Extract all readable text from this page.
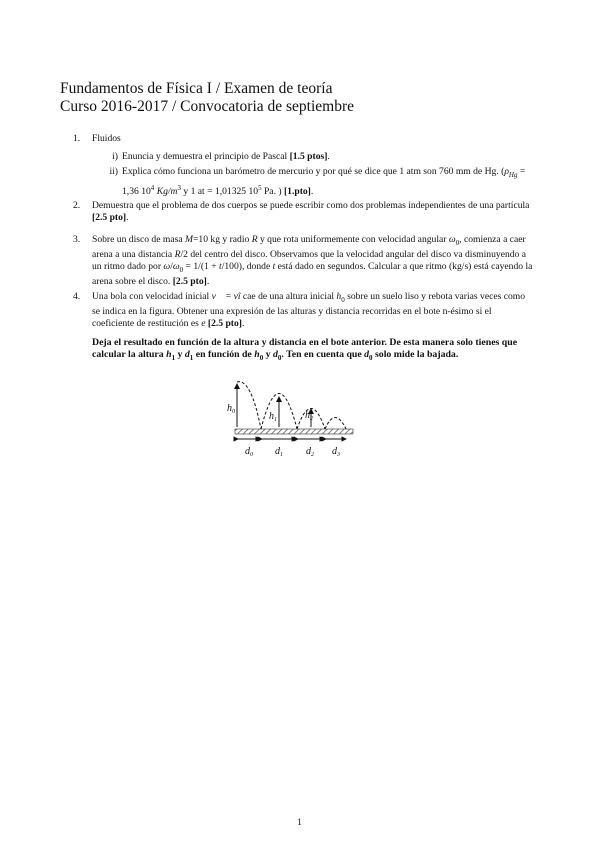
Fundamentos de Física I / Examen de teoría
Curso 2016-2017 / Convocatoria de septiembre
1. Fluidos
i) Enuncia y demuestra el principio de Pascal [1.5 ptos].
ii) Explica cómo funciona un barómetro de mercurio y por qué se dice que 1 atm son 760 mm de Hg. ($\rho_{Hg} = 1,36$ $10^4$ $Kg/m^3$ y 1 at = 1,01325 $10^5$ Pa. ) [1.pto].
2. Demuestra que el problema de dos cuerpos se puede escribir como dos problemas independientes de una partícula [2.5 pto].
3. Sobre un disco de masa M=10 kg y radio R y que rota uniformemente con velocidad angular $\omega_0$, comienza a caer arena a una distancia R/2 del centro del disco. Observamos que la velocidad angular del disco va disminuyendo a un ritmo dado por $\omega/\omega_0 = 1/(1 + t/100)$, donde t está dado en segundos. Calcular a que ritmo (kg/s) está cayendo la arena sobre el disco. [2.5 pto].
4. Una bola con velocidad inicial v⃗ = vî cae de una altura inicial $h_0$ sobre un suelo liso y rebota varias veces como se indica en la figura. Obtener una expresión de las alturas y distancia recorridas en el bote n-ésimo si el coeficiente de restitución es e [2.5 pto].
Deja el resultado en función de la altura y distancia en el bote anterior. De esta manera solo tienes que calcular la altura $h_1$ y $d_1$ en función de $h_0$ y $d_0$. Ten en cuenta que $d_0$ solo mide la bajada.
$h_0$	$h_1$	$h_2$
$d_0$ $d_1$ $d_2$ $d_3$
1
